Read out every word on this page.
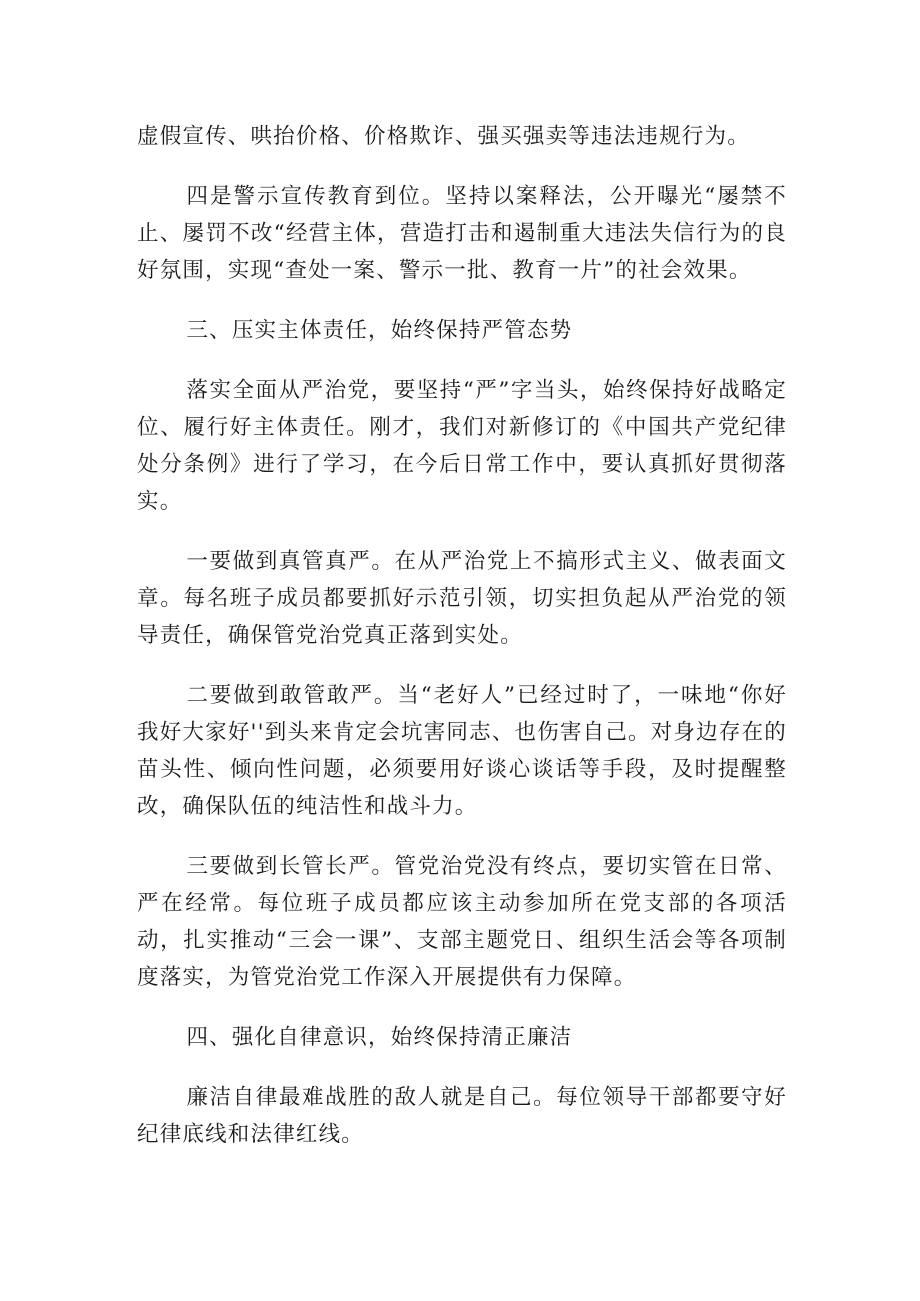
虚假宣传、哄抬价格、价格欺诈、强买强卖等违法违规行为。

四是警示宣传教育到位。坚持以案释法，公开曝光“屡禁不止、屡罚不改“经营主体，营造打击和遏制重大违法失信行为的良好氛围，实现“查处一案、警示一批、教育一片”的社会效果。

三、压实主体责任，始终保持严管态势

落实全面从严治党，要坚持“严”字当头，始终保持好战略定位、履行好主体责任。刚才，我们对新修订的《中国共产党纪律处分条例》进行了学习，在今后日常工作中，要认真抓好贯彻落实。

一要做到真管真严。在从严治党上不搞形式主义、做表面文章。每名班子成员都要抓好示范引领，切实担负起从严治党的领导责任，确保管党治党真正落到实处。

二要做到敢管敢严。当“老好人”已经过时了，一味地“你好我好大家好''到头来肯定会坑害同志、也伤害自己。对身边存在的苗头性、倾向性问题，必须要用好谈心谈话等手段，及时提醒整改，确保队伍的纯洁性和战斗力。

三要做到长管长严。管党治党没有终点，要切实管在日常、严在经常。每位班子成员都应该主动参加所在党支部的各项活动，扎实推动“三会一课”、支部主题党日、组织生活会等各项制度落实，为管党治党工作深入开展提供有力保障。

四、强化自律意识，始终保持清正廉洁

廉洁自律最难战胜的敌人就是自己。每位领导干部都要守好纪律底线和法律红线。
